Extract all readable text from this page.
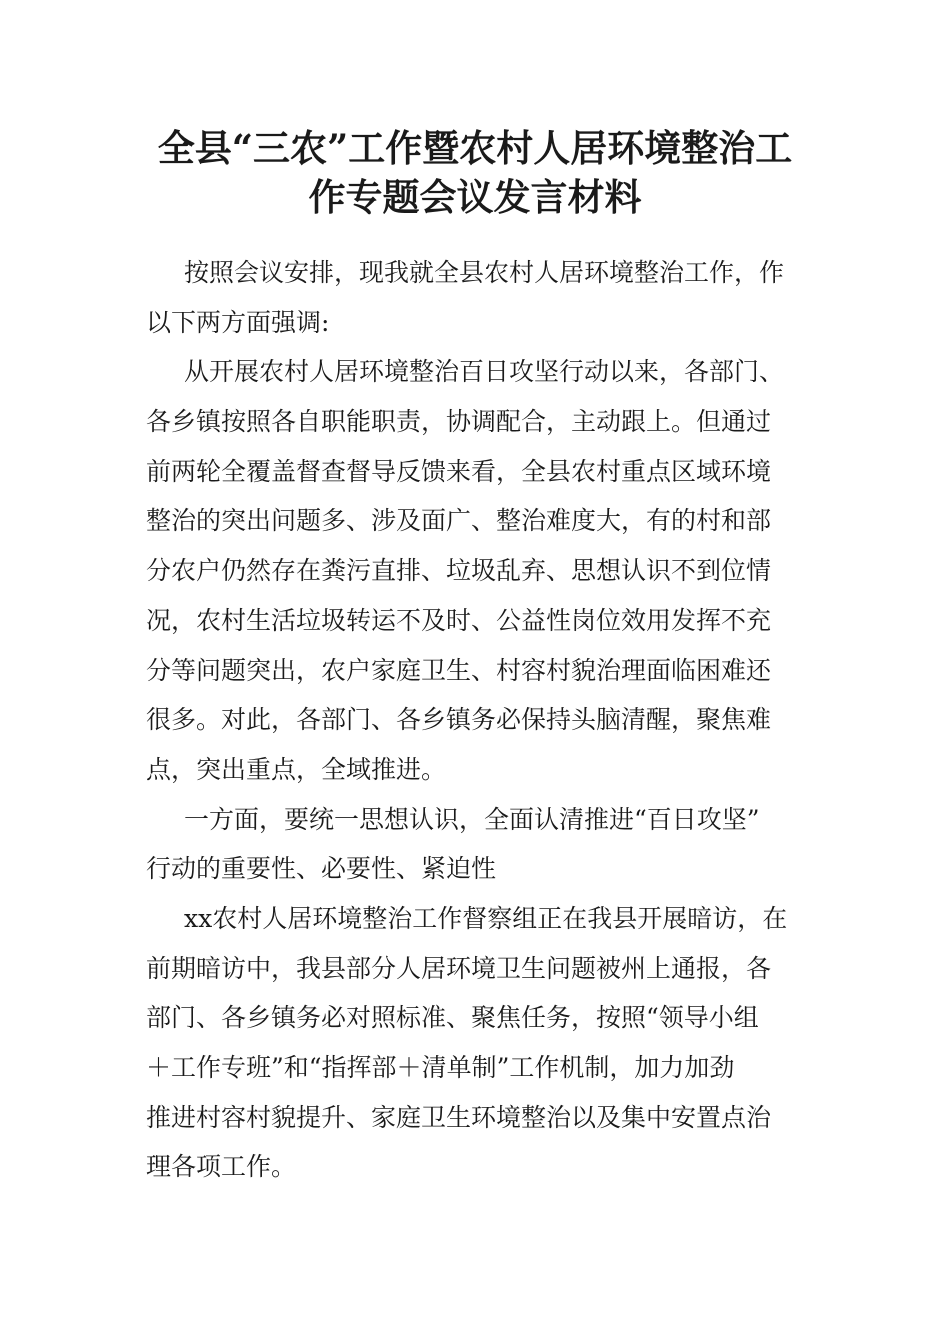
全县“三农”工作暨农村人居环境整治工
作专题会议发言材料
按照会议安排，现我就全县农村人居环境整治工作，作
以下两方面强调:
从开展农村人居环境整治百日攻坚行动以来，各部门、
各乡镇按照各自职能职责，协调配合，主动跟上。但通过
前两轮全覆盖督查督导反馈来看，全县农村重点区域环境
整治的突出问题多、涉及面广、整治难度大，有的村和部
分农户仍然存在粪污直排、垃圾乱弃、思想认识不到位情
况，农村生活垃圾转运不及时、公益性岗位效用发挥不充
分等问题突出，农户家庭卫生、村容村貌治理面临困难还
很多。对此，各部门、各乡镇务必保持头脑清醒，聚焦难
点，突出重点，全域推进。
一方面，要统一思想认识，全面认清推进“百日攻坚”
行动的重要性、必要性、紧迫性
xx农村人居环境整治工作督察组正在我县开展暗访，在
前期暗访中，我县部分人居环境卫生问题被州上通报，各
部门、各乡镇务必对照标准、聚焦任务，按照“领导小组
＋工作专班”和“指挥部＋清单制”工作机制，加力加劲
推进村容村貌提升、家庭卫生环境整治以及集中安置点治
理各项工作。
